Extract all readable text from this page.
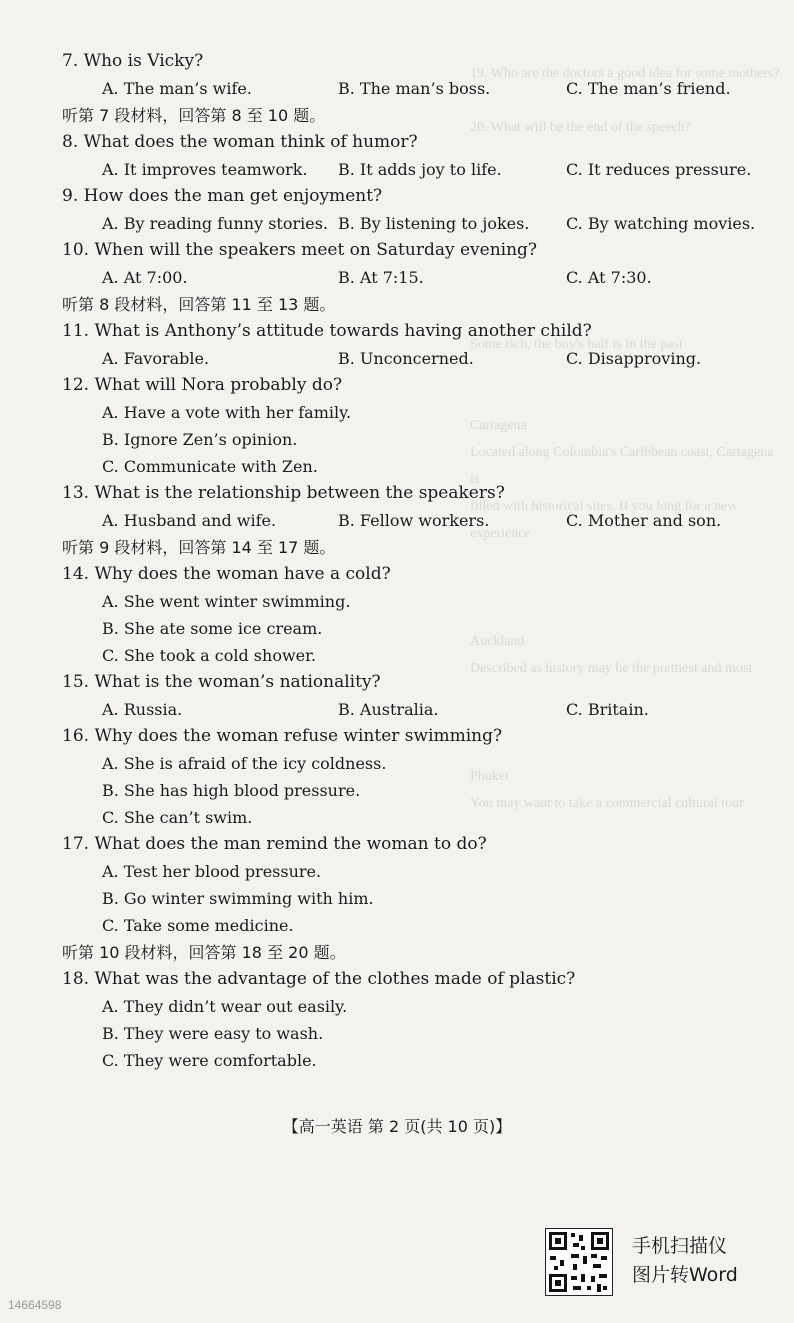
19. Who are the doctors a good idea for some mothers?
20. What will be the end of the speech?
Some rich, the boy's half is in the past
Cartagena
Located along Colombia's Caribbean coast, Cartagena is
filled with historical sites. If you long for a new experience
Auckland
Described as history may be the prettiest and most
Phuket
You may want to take a commercial cultural tour
7. Who is Vicky?
A. The man’s wife.	B. The man’s boss.	C. The man’s friend.
听第 7 段材料，回答第 8 至 10 题。
8. What does the woman think of humor?
A. It improves teamwork. B. It adds joy to life.	C. It reduces pressure.
9. How does the man get enjoyment?
A. By reading funny stories. B. By listening to jokes. C. By watching movies.
10. When will the speakers meet on Saturday evening?
A. At 7:00.	B. At 7:15.	C. At 7:30.
听第 8 段材料，回答第 11 至 13 题。
11. What is Anthony’s attitude towards having another child?
A. Favorable.	B. Unconcerned.	C. Disapproving.
12. What will Nora probably do?
A. Have a vote with her family.
B. Ignore Zen’s opinion.
C. Communicate with Zen.
13. What is the relationship between the speakers?
A. Husband and wife.	B. Fellow workers.	C. Mother and son.
听第 9 段材料，回答第 14 至 17 题。
14. Why does the woman have a cold?
A. She went winter swimming.
B. She ate some ice cream.
C. She took a cold shower.
15. What is the woman’s nationality?
A. Russia.	B. Australia.	C. Britain.
16. Why does the woman refuse winter swimming?
A. She is afraid of the icy coldness.
B. She has high blood pressure.
C. She can’t swim.
17. What does the man remind the woman to do?
A. Test her blood pressure.
B. Go winter swimming with him.
C. Take some medicine.
听第 10 段材料，回答第 18 至 20 题。
18. What was the advantage of the clothes made of plastic?
A. They didn’t wear out easily.
B. They were easy to wash.
C. They were comfortable.
【高一英语 第 2 页(共 10 页)】
手机扫描仪
图片转Word
14664598
